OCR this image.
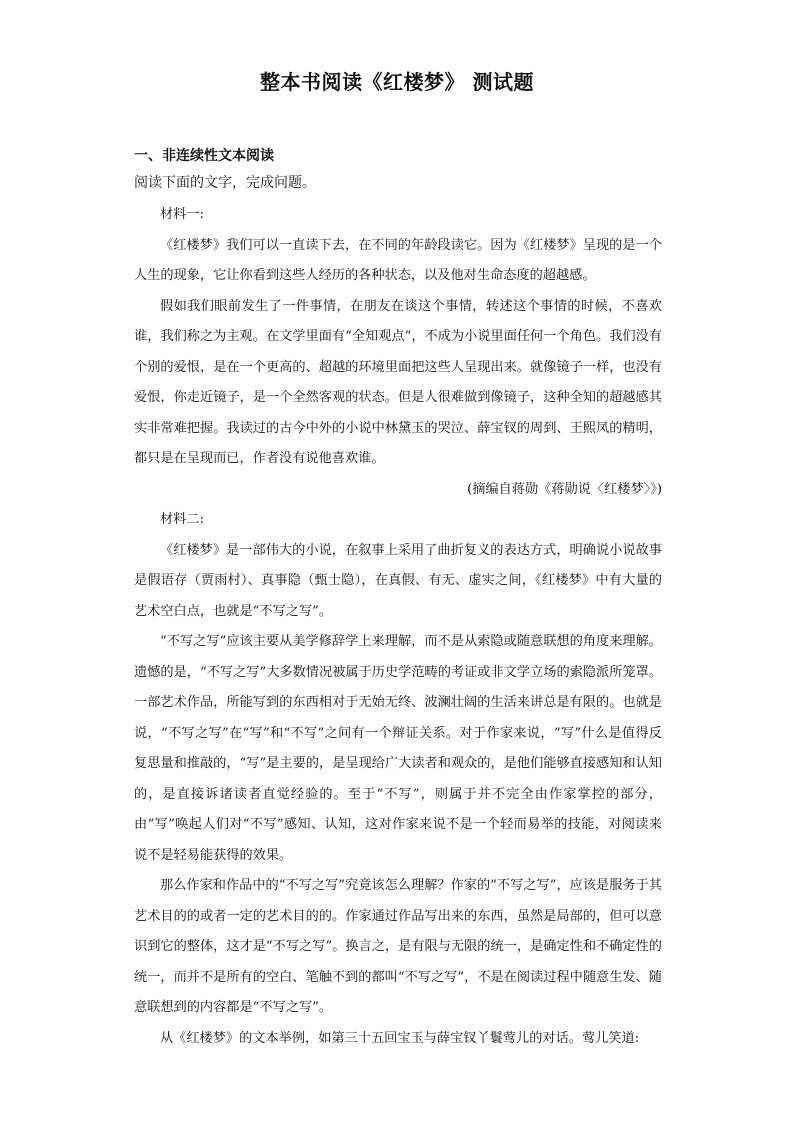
整本书阅读《红楼梦》 测试题
一、非连续性文本阅读
阅读下面的文字，完成问题。

材料一:

《红楼梦》我们可以一直读下去，在不同的年龄段读它。因为《红楼梦》呈现的是一个人生的现象，它让你看到这些人经历的各种状态，以及他对生命态度的超越感。

假如我们眼前发生了一件事情，在朋友在谈这个事情，转述这个事情的时候，不喜欢谁，我们称之为主观。在文学里面有“全知观点”，不成为小说里面任何一个角色。我们没有个别的爱恨，是在一个更高的、超越的环境里面把这些人呈现出来。就像镜子一样，也没有爱恨，你走近镜子，是一个全然客观的状态。但是人很难做到像镜子，这种全知的超越感其实非常难把握。我读过的古今中外的小说中林黛玉的哭泣、薛宝钗的周到、王熙凤的精明，都只是在呈现而已，作者没有说他喜欢谁。

(摘编自蒋勋《蒋勋说〈红楼梦〉》)

材料二:

《红楼梦》是一部伟大的小说，在叙事上采用了曲折复义的表达方式，明确说小说故事是假语存（贾雨村）、真事隐（甄士隐），在真假、有无、虚实之间，《红楼梦》中有大量的艺术空白点，也就是“不写之写”。

“不写之写”应该主要从美学修辞学上来理解，而不是从索隐或随意联想的角度来理解。遗憾的是，“不写之写”大多数情况被属于历史学范畴的考证或非文学立场的索隐派所笼罩。一部艺术作品，所能写到的东西相对于无始无终、波澜壮阔的生活来讲总是有限的。也就是说，“不写之写”在“写”和“不写”之间有一个辩证关系。对于作家来说，“写”什么是值得反复思量和推敲的，“写”是主要的，是呈现给广大读者和观众的，是他们能够直接感知和认知的，是直接诉诸读者直觉经验的。至于“不写”，则属于并不完全由作家掌控的部分，由“写”唤起人们对“不写”感知、认知，这对作家来说不是一个轻而易举的技能，对阅读来说不是轻易能获得的效果。

那么作家和作品中的“不写之写”究竟该怎么理解？作家的“不写之写”，应该是服务于其艺术目的的或者一定的艺术目的的。作家通过作品写出来的东西，虽然是局部的，但可以意识到它的整体，这才是“不写之写”。换言之，是有限与无限的统一，是确定性和不确定性的统一，而并不是所有的空白、笔触不到的都叫“不写之写”，不是在阅读过程中随意生发、随意联想到的内容都是“不写之写”。

从《红楼梦》的文本举例，如第三十五回宝玉与薛宝钗丫鬟莺儿的对话。莺儿笑道:
